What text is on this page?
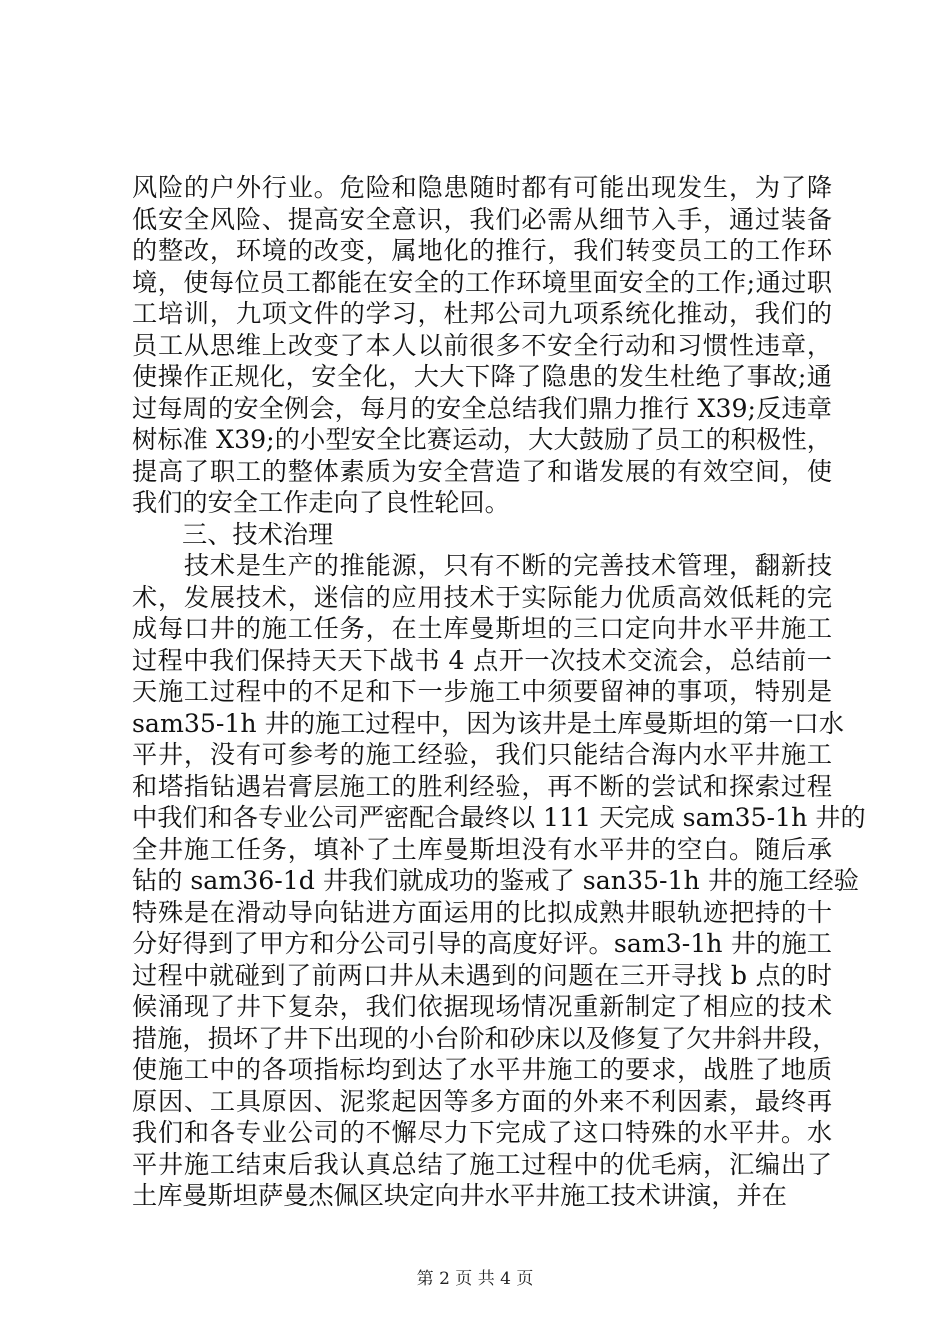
风险的户外行业。危险和隐患随时都有可能出现发生，为了降
低安全风险、提高安全意识，我们必需从细节入手，通过装备
的整改，环境的改变，属地化的推行，我们转变员工的工作环
境，使每位员工都能在安全的工作环境里面安全的工作;通过职
工培训，九项文件的学习，杜邦公司九项系统化推动，我们的
员工从思维上改变了本人以前很多不安全行动和习惯性违章，
使操作正规化，安全化，大大下降了隐患的发生杜绝了事故;通
过每周的安全例会，每月的安全总结我们鼎力推行 X39;反违章
树标准 X39;的小型安全比赛运动，大大鼓励了员工的积极性，
提高了职工的整体素质为安全营造了和谐发展的有效空间，使
我们的安全工作走向了良性轮回。
三、技术治理
　　技术是生产的推能源，只有不断的完善技术管理，翻新技
术，发展技术，迷信的应用技术于实际能力优质高效低耗的完
成每口井的施工任务，在土库曼斯坦的三口定向井水平井施工
过程中我们保持天天下战书 4 点开一次技术交流会，总结前一
天施工过程中的不足和下一步施工中须要留神的事项，特别是
sam35-1h 井的施工过程中，因为该井是土库曼斯坦的第一口水
平井，没有可参考的施工经验，我们只能结合海内水平井施工
和塔指钻遇岩膏层施工的胜利经验，再不断的尝试和探索过程
中我们和各专业公司严密配合最终以 111 天完成 sam35-1h 井的
全井施工任务，填补了土库曼斯坦没有水平井的空白。随后承
钻的 sam36-1d 井我们就成功的鉴戒了 san35-1h 井的施工经验
特殊是在滑动导向钻进方面运用的比拟成熟井眼轨迹把持的十
分好得到了甲方和分公司引导的高度好评。sam3-1h 井的施工
过程中就碰到了前两口井从未遇到的问题在三开寻找 b 点的时
候涌现了井下复杂，我们依据现场情况重新制定了相应的技术
措施，损坏了井下出现的小台阶和砂床以及修复了欠井斜井段，
使施工中的各项指标均到达了水平井施工的要求，战胜了地质
原因、工具原因、泥浆起因等多方面的外来不利因素，最终再
我们和各专业公司的不懈尽力下完成了这口特殊的水平井。水
平井施工结束后我认真总结了施工过程中的优毛病，汇编出了
土库曼斯坦萨曼杰佩区块定向井水平井施工技术讲演，并在
第 2 页 共 4 页
